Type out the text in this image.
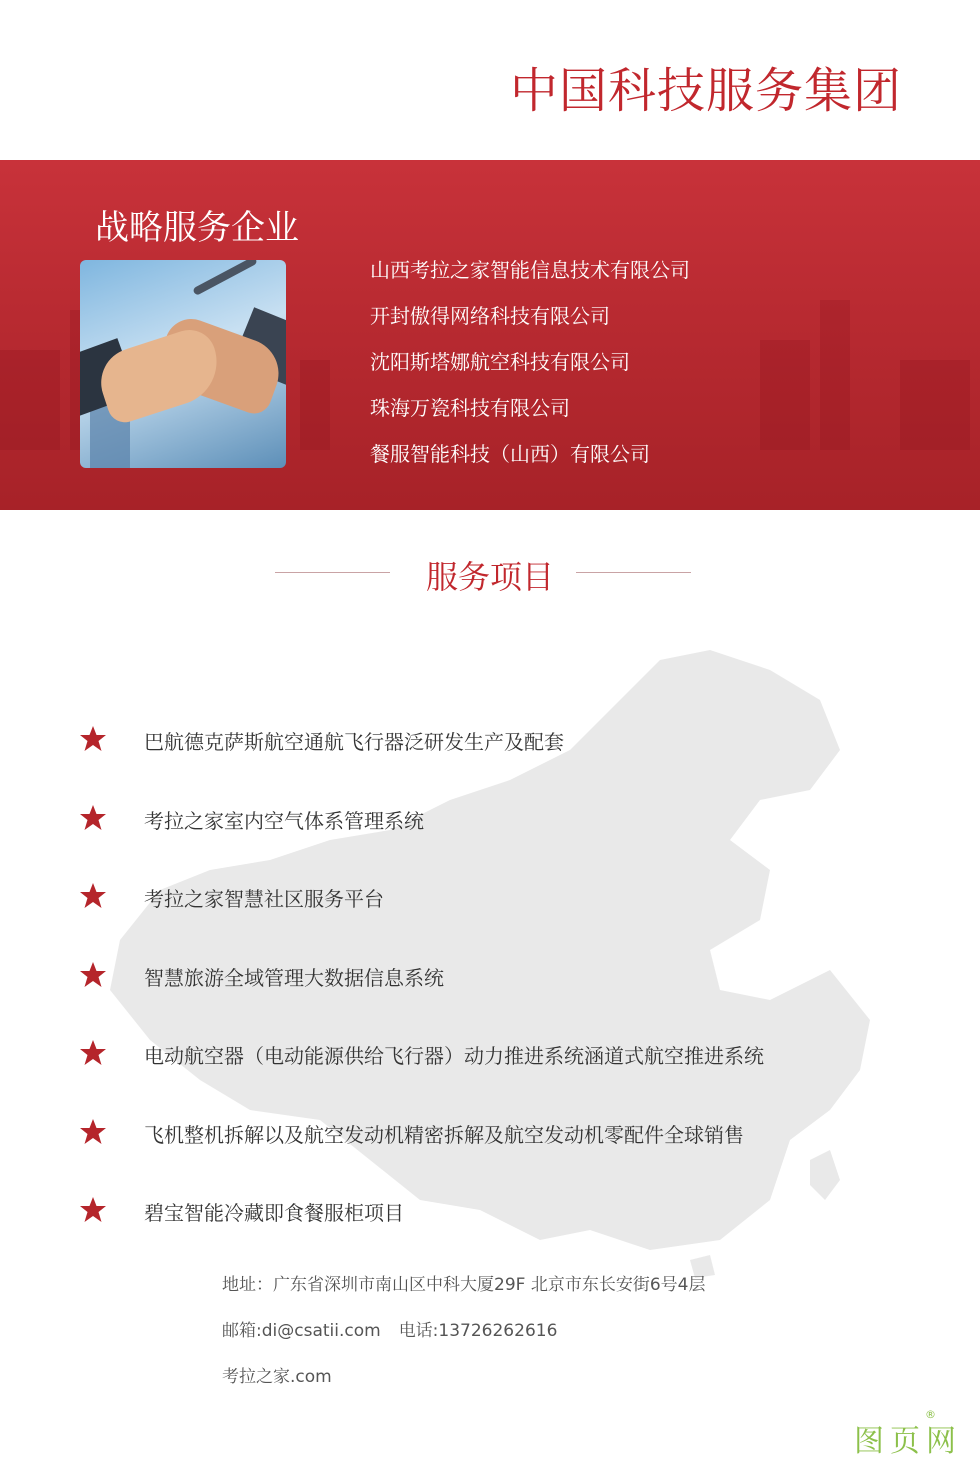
中国科技服务集团
战略服务企业
山西考拉之家智能信息技术有限公司
开封傲得网络科技有限公司
沈阳斯塔娜航空科技有限公司
珠海万瓷科技有限公司
餐服智能科技（山西）有限公司
服务项目
巴航德克萨斯航空通航飞行器泛研发生产及配套
考拉之家室内空气体系管理系统
考拉之家智慧社区服务平台
智慧旅游全域管理大数据信息系统
电动航空器（电动能源供给飞行器）动力推进系统涵道式航空推进系统
飞机整机拆解以及航空发动机精密拆解及航空发动机零配件全球销售
碧宝智能冷藏即食餐服柜项目
地址：广东省深圳市南山区中科大厦29F 北京市东长安街6号4层
邮箱:di@csatii.com 电话:13726262616
考拉之家.com
图页网
®
